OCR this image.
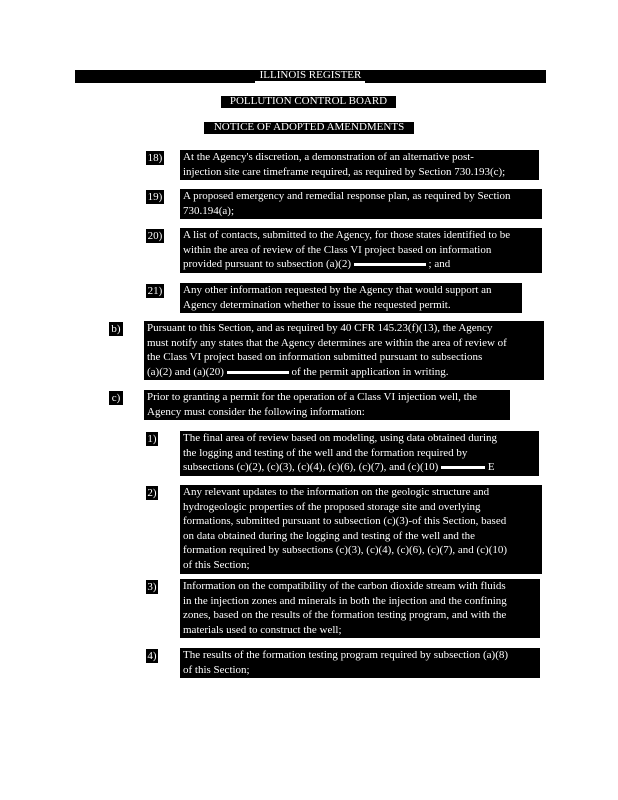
ILLINOIS REGISTER
POLLUTION CONTROL BOARD
NOTICE OF ADOPTED AMENDMENTS
18) At the Agency's discretion, a demonstration of an alternative post-
injection site care timeframe required, as required by Section 730.193(c);
19) A proposed emergency and remedial response plan, as required by Section
730.194(a);
20) A list of contacts, submitted to the Agency, for those states identified to be
within the area of review of the Class VI project based on information
provided pursuant to subsection (a)(2)	; and
21) Any other information requested by the Agency that would support an
Agency determination whether to issue the requested permit.
b) Pursuant to this Section, and as required by 40 CFR 145.23(f)(13), the Agency
must notify any states that the Agency determines are within the area of review of
the Class VI project based on information submitted pursuant to subsections
(a)(2) and (a)(20)	of the permit application in writing.
c) Prior to granting a permit for the operation of a Class VI injection well, the
Agency must consider the following information:
1) The final area of review based on modeling, using data obtained during
the logging and testing of the well and the formation required by
subsections (c)(2), (c)(3), (c)(4), (c)(6), (c)(7), and (c)(10)	E
2) Any relevant updates to the information on the geologic structure and
hydrogeologic properties of the proposed storage site and overlying
formations, submitted pursuant to subsection (c)(3)-of this Section, based
on data obtained during the logging and testing of the well and the
formation required by subsections (c)(3), (c)(4), (c)(6), (c)(7), and (c)(10)
of this Section;
3) Information on the compatibility of the carbon dioxide stream with fluids
in the injection zones and minerals in both the injection and the confining
zones, based on the results of the formation testing program, and with the
materials used to construct the well;
4) The results of the formation testing program required by subsection (a)(8)
of this Section;
